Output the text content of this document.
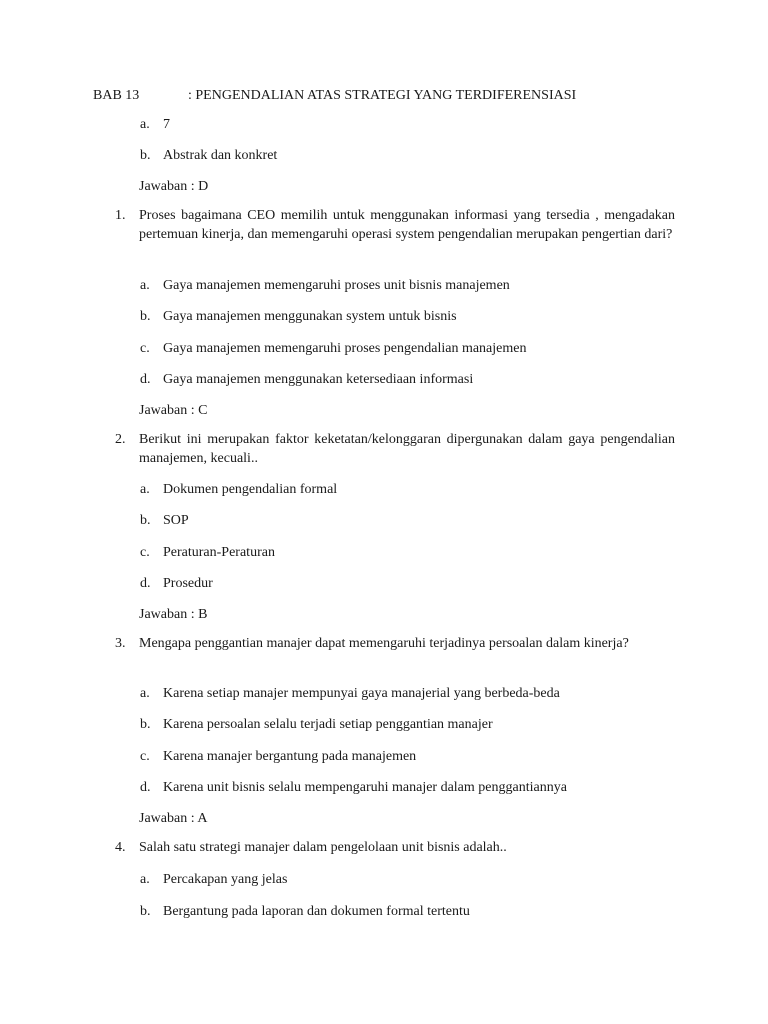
BAB 13	: PENGENDALIAN ATAS STRATEGI YANG TERDIFERENSIASI
a. 7
b. Abstrak dan konkret
Jawaban : D
1. Proses bagaimana CEO memilih untuk menggunakan informasi yang tersedia , mengadakan pertemuan kinerja, dan memengaruhi operasi system pengendalian merupakan pengertian dari?
a. Gaya manajemen memengaruhi proses unit bisnis manajemen
b. Gaya manajemen menggunakan system untuk bisnis
c. Gaya manajemen memengaruhi proses pengendalian manajemen
d. Gaya manajemen menggunakan ketersediaan informasi
Jawaban : C
2. Berikut ini merupakan faktor keketatan/kelonggaran dipergunakan dalam gaya pengendalian manajemen, kecuali..
a. Dokumen pengendalian formal
b. SOP
c. Peraturan-Peraturan
d. Prosedur
Jawaban : B
3. Mengapa penggantian manajer dapat memengaruhi terjadinya persoalan dalam kinerja?
a. Karena setiap manajer mempunyai gaya manajerial yang berbeda-beda
b. Karena persoalan selalu terjadi setiap penggantian manajer
c. Karena manajer bergantung pada manajemen
d. Karena unit bisnis selalu mempengaruhi manajer dalam penggantiannya
Jawaban : A
4. Salah satu strategi manajer dalam pengelolaan unit bisnis adalah..
a. Percakapan yang jelas
b. Bergantung pada laporan dan dokumen formal tertentu
